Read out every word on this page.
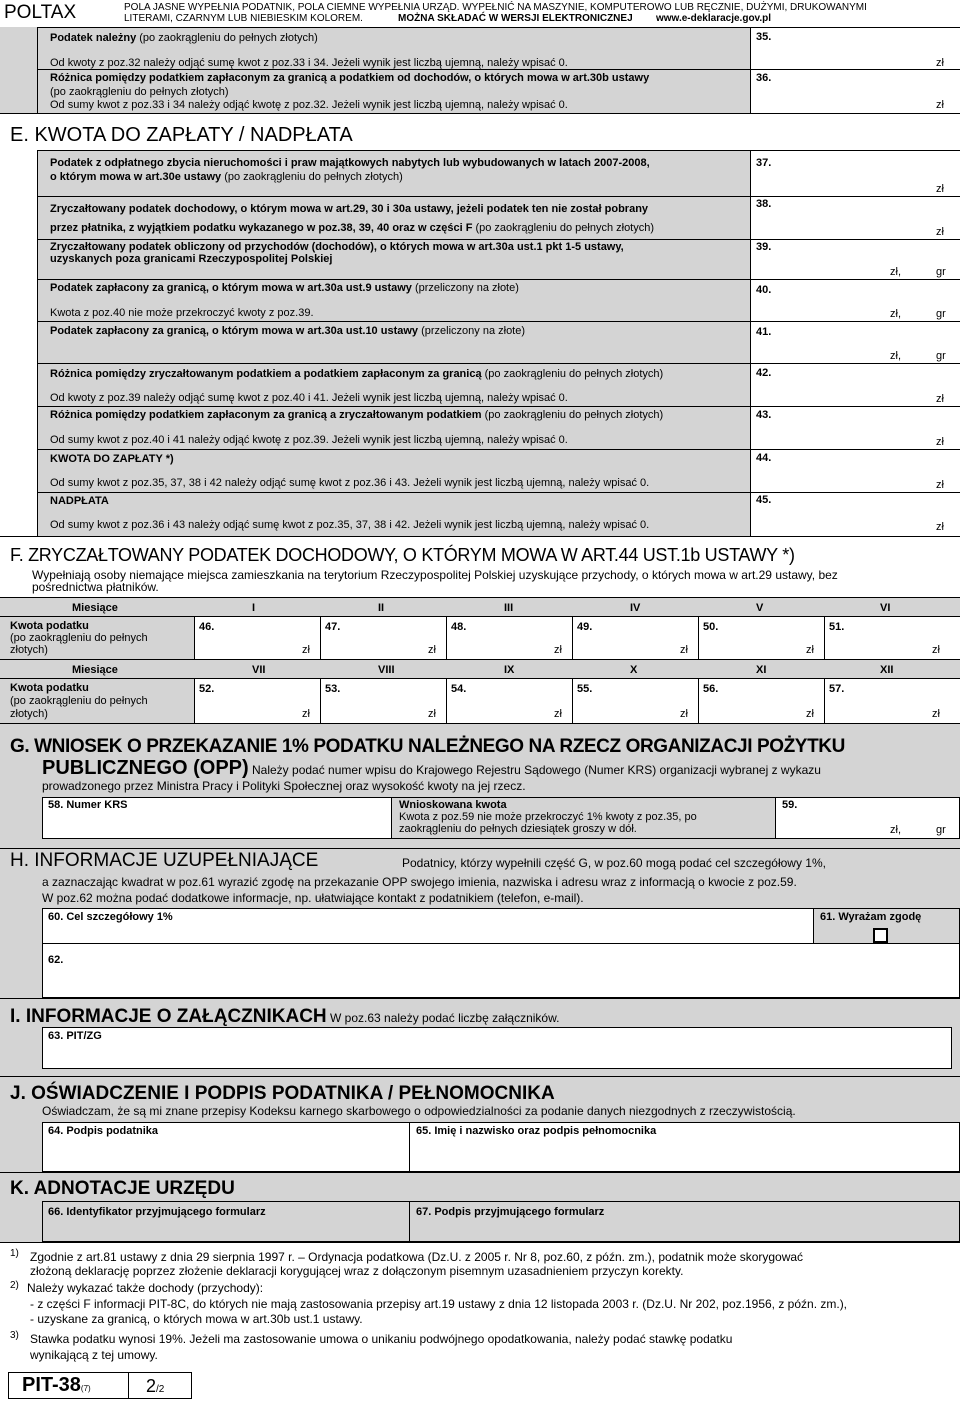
POLTAX	POLA JASNE WYPEŁNIA PODATNIK, POLA CIEMNE WYPEŁNIA URZĄD. WYPEŁNIĆ NA MASZYNIE, KOMPUTEROWO LUB RĘCZNIE, DUŻYMI, DRUKOWANYMI
LITERAMI, CZARNYM LUB NIEBIESKIM KOLOREM.	MOŻNA SKŁADAĆ W WERSJI ELEKTRONICZNEJ www.e-deklaracje.gov.pl
Podatek należny (po zaokrągleniu do pełnych złotych)
Od kwoty z poz.32 należy odjąć sumę kwot z poz.33 i 34. Jeżeli wynik jest liczbą ujemną, należy wpisać 0.
35.
zł
Różnica pomiędzy podatkiem zapłaconym za granicą a podatkiem od dochodów, o których mowa w art.30b ustawy
(po zaokrągleniu do pełnych złotych)
Od sumy kwot z poz.33 i 34 należy odjąć kwotę z poz.32. Jeżeli wynik jest liczbą ujemną, należy wpisać 0.
36.
zł
E. KWOTA DO ZAPŁATY / NADPŁATA
Podatek z odpłatnego zbycia nieruchomości i praw majątkowych nabytych lub wybudowanych w latach 2007-2008,
o którym mowa w art.30e ustawy (po zaokrągleniu do pełnych złotych)
37.
zł
Zryczałtowany podatek dochodowy, o którym mowa w art.29, 30 i 30a ustawy, jeżeli podatek ten nie został pobrany
przez płatnika, z wyjątkiem podatku wykazanego w poz.38, 39, 40 oraz w części F (po zaokrągleniu do pełnych złotych)
38.
zł
Zryczałtowany podatek obliczony od przychodów (dochodów), o których mowa w art.30a ust.1 pkt 1-5 ustawy,
uzyskanych poza granicami Rzeczypospolitej Polskiej
39.
zł,	gr
Podatek zapłacony za granicą, o którym mowa w art.30a ust.9 ustawy (przeliczony na złote)
Kwota z poz.40 nie może przekroczyć kwoty z poz.39.
40.
zł,	gr
Podatek zapłacony za granicą, o którym mowa w art.30a ust.10 ustawy (przeliczony na złote)	41.
zł,	gr
Różnica pomiędzy zryczałtowanym podatkiem a podatkiem zapłaconym za granicą (po zaokrągleniu do pełnych złotych)
Od kwoty z poz.39 należy odjąć sumę kwot z poz.40 i 41. Jeżeli wynik jest liczbą ujemną, należy wpisać 0.
42.
zł
Różnica pomiędzy podatkiem zapłaconym za granicą a zryczałtowanym podatkiem (po zaokrągleniu do pełnych złotych)
Od sumy kwot z poz.40 i 41 należy odjąć kwotę z poz.39. Jeżeli wynik jest liczbą ujemną, należy wpisać 0.
43.
zł
KWOTA DO ZAPŁATY *)
Od sumy kwot z poz.35, 37, 38 i 42 należy odjąć sumę kwot z poz.36 i 43. Jeżeli wynik jest liczbą ujemną, należy wpisać 0.
44.
zł
NADPŁATA
Od sumy kwot z poz.36 i 43 należy odjąć sumę kwot z poz.35, 37, 38 i 42. Jeżeli wynik jest liczbą ujemną, należy wpisać 0.
45.
zł
F. ZRYCZAŁTOWANY PODATEK DOCHODOWY, O KTÓRYM MOWA W ART.44 UST.1b USTAWY *)
Wypełniają osoby niemające miejsca zamieszkania na terytorium Rzeczypospolitej Polskiej uzyskujące przychody, o których mowa w art.29 ustawy, bez
pośrednictwa płatników.
Miesiące	I	II	III	IV	V	VI
Kwota podatku
(po zaokrągleniu do pełnych
złotych)
46.
zł
47.
zł
48.
zł
49.
zł
50.
zł
51.
zł
Miesiące	VII	VIII	IX	X	XI	XII
Kwota podatku
(po zaokrągleniu do pełnych
złotych)
52.
zł
53.
zł
54.
zł
55.
zł
56.
zł
57.
zł
G. WNIOSEK O PRZEKAZANIE 1% PODATKU NALEŻNEGO NA RZECZ ORGANIZACJI POŻYTKU
PUBLICZNEGO (OPP) Należy podać numer wpisu do Krajowego Rejestru Sądowego (Numer KRS) organizacji wybranej z wykazu
prowadzonego przez Ministra Pracy i Polityki Społecznej oraz wysokość kwoty na jej rzecz.
58. Numer KRS	Wnioskowana kwota
Kwota z poz.59 nie może przekroczyć 1% kwoty z poz.35, po
zaokrągleniu do pełnych dziesiątek groszy w dół.
59.
zł,	gr
H. INFORMACJE UZUPEŁNIAJĄCE	Podatnicy, którzy wypełnili część G, w poz.60 mogą podać cel szczegółowy 1%,
a zaznaczając kwadrat w poz.61 wyrazić zgodę na przekazanie OPP swojego imienia, nazwiska i adresu wraz z informacją o kwocie z poz.59.
W poz.62 można podać dodatkowe informacje, np. ułatwiające kontakt z podatnikiem (telefon, e-mail).
60. Cel szczegółowy 1%	61. Wyrażam zgodę
62.
I. INFORMACJE O ZAŁĄCZNIKACH W poz.63 należy podać liczbę załączników.
63. PIT/ZG
J. OŚWIADCZENIE I PODPIS PODATNIKA / PEŁNOMOCNIKA
Oświadczam, że są mi znane przepisy Kodeksu karnego skarbowego o odpowiedzialności za podanie danych niezgodnych z rzeczywistością.
64. Podpis podatnika	65. Imię i nazwisko oraz podpis pełnomocnika
K. ADNOTACJE URZĘDU
66. Identyfikator przyjmującego formularz	67. Podpis przyjmującego formularz
1) Zgodnie z art.81 ustawy z dnia 29 sierpnia 1997 r. – Ordynacja podatkowa (Dz.U. z 2005 r. Nr 8, poz.60, z późn. zm.), podatnik może skorygować
złożoną deklarację poprzez złożenie deklaracji korygującej wraz z dołączonym pisemnym uzasadnieniem przyczyn korekty.
2) Należy wykazać także dochody (przychody):
- z części F informacji PIT-8C, do których nie mają zastosowania przepisy art.19 ustawy z dnia 12 listopada 2003 r. (Dz.U. Nr 202, poz.1956, z późn. zm.),
- uzyskane za granicą, o których mowa w art.30b ust.1 ustawy.
3) Stawka podatku wynosi 19%. Jeżeli ma zastosowanie umowa o unikaniu podwójnego opodatkowania, należy podać stawkę podatku
wynikającą z tej umowy.
PIT-38(7)	2/2
